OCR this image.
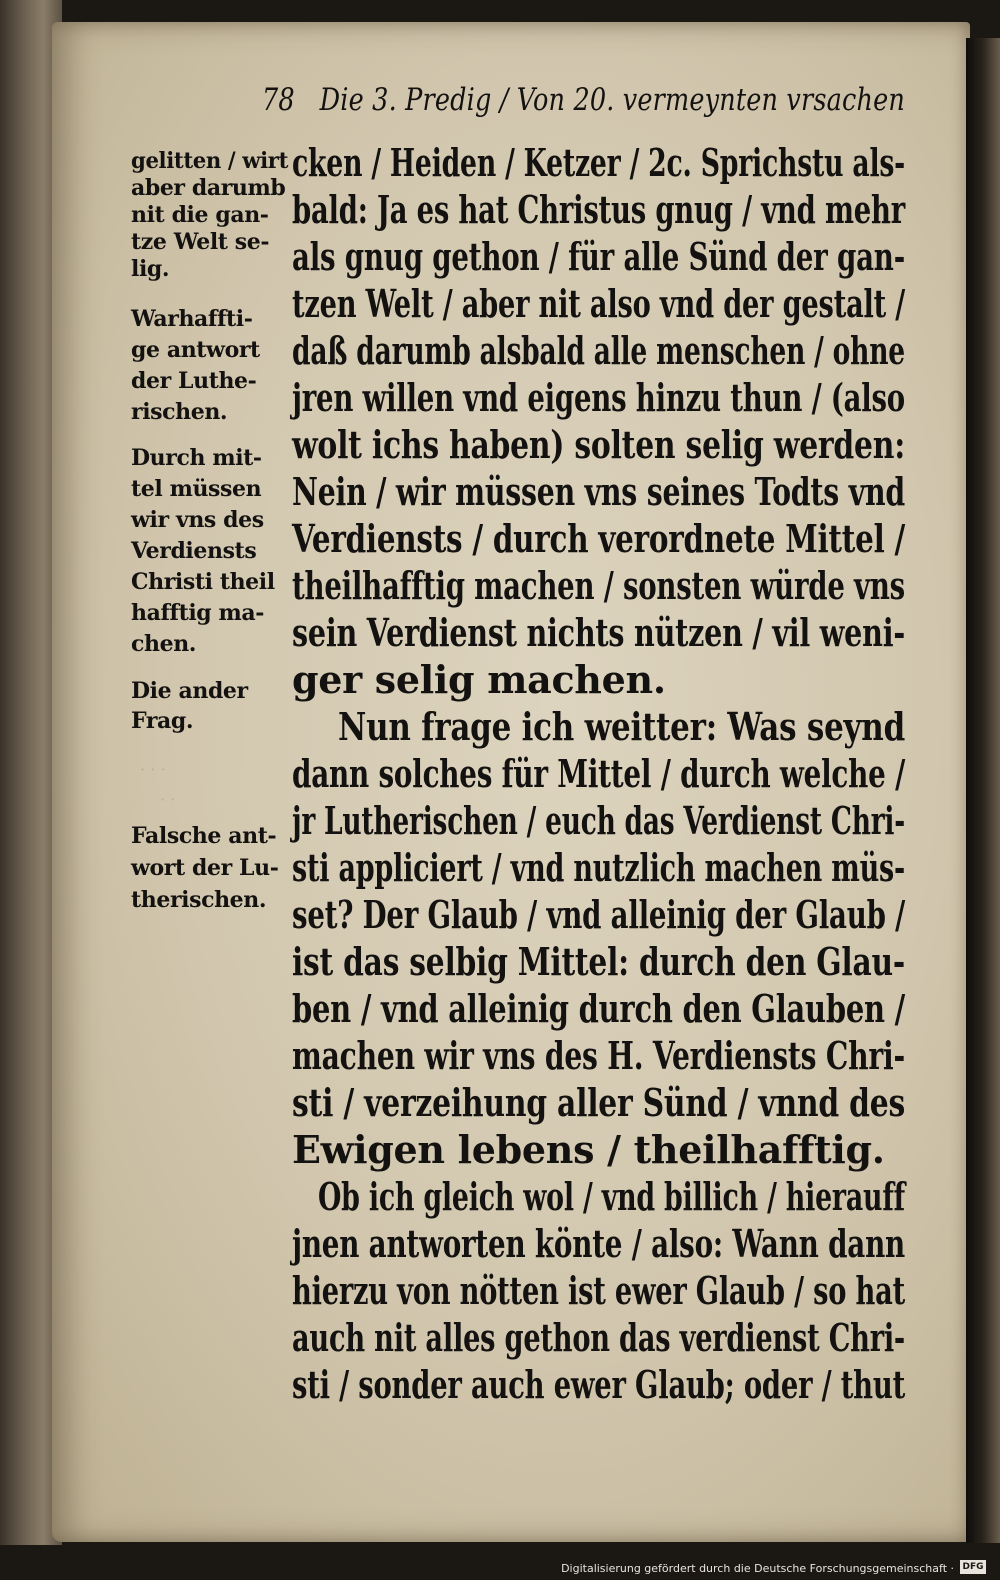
· · ·
· ·
78 Die 3. Predig / Von 20. vermeynten vrsachen
cken / Heiden / Ketzer / 2c. Sprichstu als-
bald: Ja es hat Christus gnug / vnd mehr
als gnug gethon / für alle Sünd der gan-
tzen Welt / aber nit also vnd der gestalt /
daß darumb alsbald alle menschen / ohne
jren willen vnd eigens hinzu thun / (also
wolt ichs haben) solten selig werden:
Nein / wir müssen vns seines Todts vnd
Verdiensts / durch verordnete Mittel /
theilhafftig machen / sonsten würde vns
sein Verdienst nichts nützen / vil weni-
ger selig machen.
Nun frage ich weitter: Was seynd
dann solches für Mittel / durch welche /
jr Lutherischen / euch das Verdienst Chri-
sti appliciert / vnd nutzlich machen müs-
set? Der Glaub / vnd alleinig der Glaub /
ist das selbig Mittel: durch den Glau-
ben / vnd alleinig durch den Glauben /
machen wir vns des H. Verdiensts Chri-
sti / verzeihung aller Sünd / vnnd des
Ewigen lebens / theilhafftig.
Ob ich gleich wol / vnd billich / hierauff
jnen antworten könte / also: Wann dann
hierzu von nötten ist ewer Glaub / so hat
auch nit alles gethon das verdienst Chri-
sti / sonder auch ewer Glaub; oder / thut
gelitten / wirt
aber darumb
nit die gan-
tze Welt se-
lig.
Warhaffti-
ge antwort
der Luthe-
rischen.
Durch mit-
tel müssen
wir vns des
Verdiensts
Christi theil
hafftig ma-
chen.
Die ander
Frag.
Falsche ant-
wort der Lu-
therischen.
Digitalisierung gefördert durch die Deutsche Forschungsgemeinschaft · DFG
